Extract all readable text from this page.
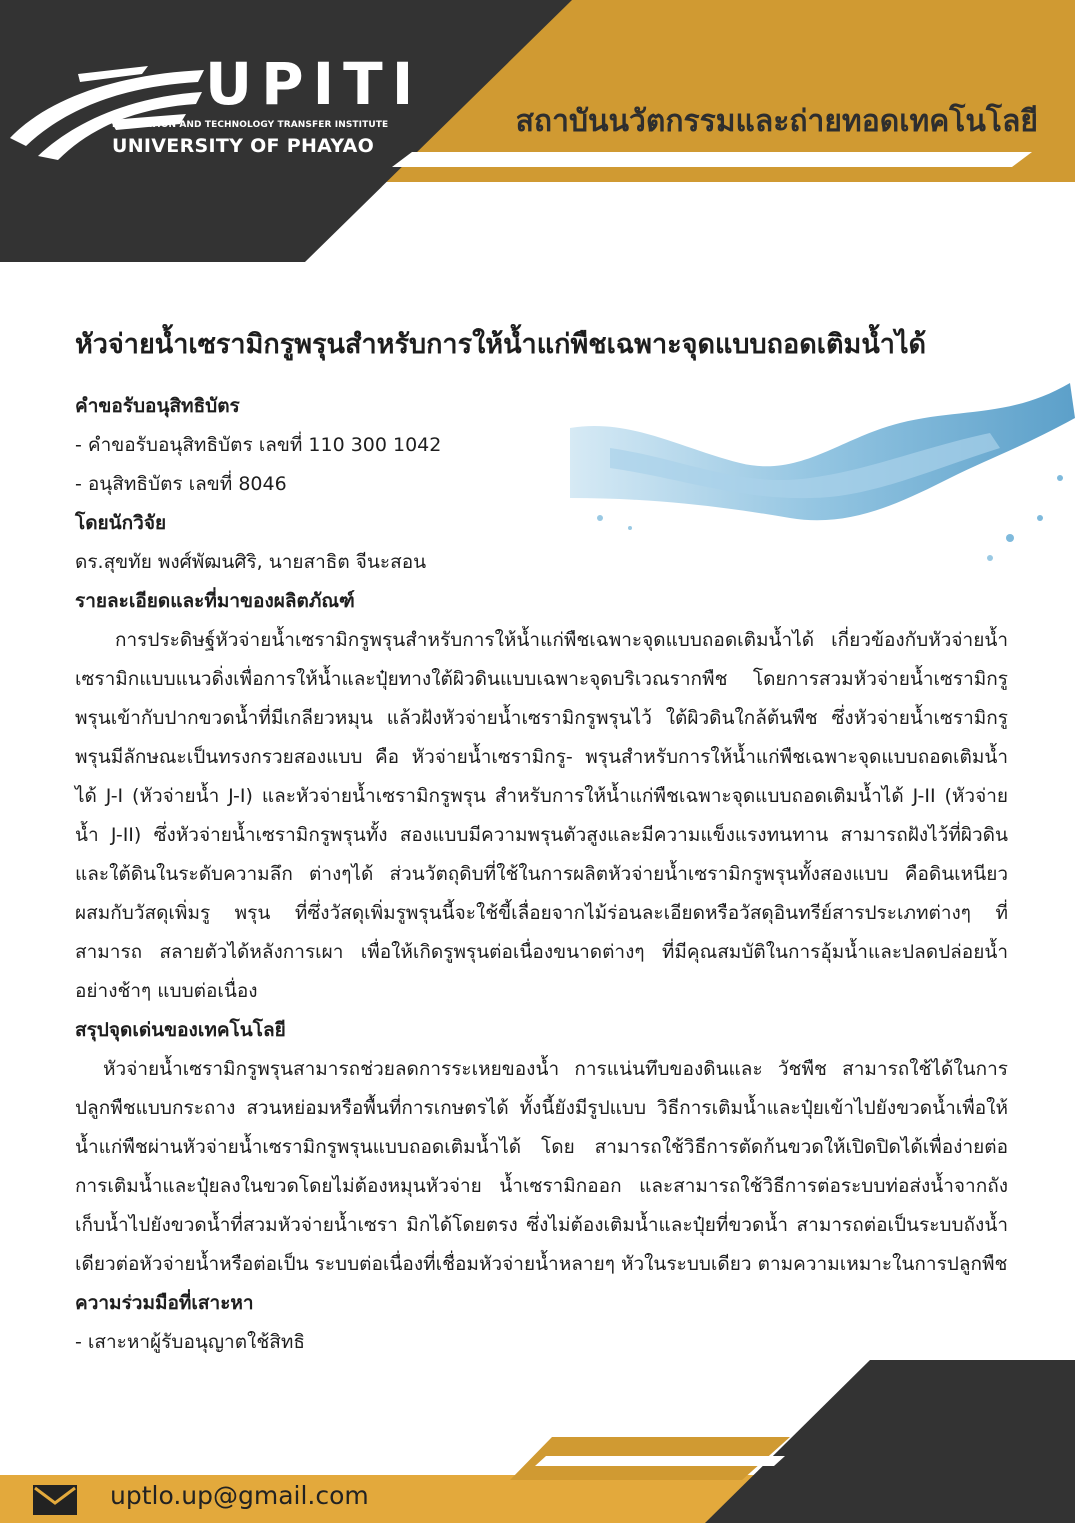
UPITI
INNOVATION AND TECHNOLOGY TRANSFER INSTITUTE
UNIVERSITY OF PHAYAO
สถาบันนวัตกรรมและถ่ายทอดเทคโนโลยี
หัวจ่ายน้ำเซรามิกรูพรุนสำหรับการให้น้ำแก่พืชเฉพาะจุดแบบถอดเติมน้ำได้
คำขอรับอนุสิทธิบัตร
- คำขอรับอนุสิทธิบัตร เลขที่ 110 300 1042
- อนุสิทธิบัตร เลขที่ 8046
โดยนักวิจัย
ดร.สุขทัย พงศ์พัฒนศิริ, นายสาธิต จีนะสอน
รายละเอียดและที่มาของผลิตภัณฑ์
การประดิษฐ์หัวจ่ายน้ำเซรามิกรูพรุนสำหรับการให้น้ำแก่พืชเฉพาะจุดแบบถอดเติมน้ำได้ เกี่ยวข้องกับหัวจ่ายน้ำเซรามิกแบบแนวดิ่งเพื่อการให้น้ำและปุ๋ยทางใต้ผิวดินแบบเฉพาะจุดบริเวณรากพืช โดยการสวมหัวจ่ายน้ำเซรามิกรูพรุนเข้ากับปากขวดน้ำที่มีเกลียวหมุน แล้วฝังหัวจ่ายน้ำเซรามิกรูพรุนไว้ ใต้ผิวดินใกล้ต้นพืช ซึ่งหัวจ่ายน้ำเซรามิกรูพรุนมีลักษณะเป็นทรงกรวยสองแบบ คือ หัวจ่ายน้ำเซรามิกรู- พรุนสำหรับการให้น้ำแก่พืชเฉพาะจุดแบบถอดเติมน้ำได้ J-I (หัวจ่ายน้ำ J-I) และหัวจ่ายน้ำเซรามิกรูพรุน สำหรับการให้น้ำแก่พืชเฉพาะจุดแบบถอดเติมน้ำได้ J-II (หัวจ่ายน้ำ J-II) ซึ่งหัวจ่ายน้ำเซรามิกรูพรุนทั้ง สองแบบมีความพรุนตัวสูงและมีความแข็งแรงทนทาน สามารถฝังไว้ที่ผิวดินและใต้ดินในระดับความลึก ต่างๆได้ ส่วนวัตถุดิบที่ใช้ในการผลิตหัวจ่ายน้ำเซรามิกรูพรุนทั้งสองแบบ คือดินเหนียวผสมกับวัสดุเพิ่มรู พรุน ที่ซึ่งวัสดุเพิ่มรูพรุนนี้จะใช้ขี้เลื่อยจากไม้ร่อนละเอียดหรือวัสดุอินทรีย์สารประเภทต่างๆ ที่สามารถ สลายตัวได้หลังการเผา เพื่อให้เกิดรูพรุนต่อเนื่องขนาดต่างๆ ที่มีคุณสมบัติในการอุ้มน้ำและปลดปล่อยน้ำ อย่างช้าๆ แบบต่อเนื่อง
สรุปจุดเด่นของเทคโนโลยี
หัวจ่ายน้ำเซรามิกรูพรุนสามารถช่วยลดการระเหยของน้ำ การแน่นทึบของดินและ วัชพืช สามารถใช้ได้ในการปลูกพืชแบบกระถาง สวนหย่อมหรือพื้นที่การเกษตรได้ ทั้งนี้ยังมีรูปแบบ วิธีการเติมน้ำและปุ๋ยเข้าไปยังขวดน้ำเพื่อให้น้ำแก่พืชผ่านหัวจ่ายน้ำเซรามิกรูพรุนแบบถอดเติมน้ำได้ โดย สามารถใช้วิธีการตัดก้นขวดให้เปิดปิดได้เพื่อง่ายต่อการเติมน้ำและปุ๋ยลงในขวดโดยไม่ต้องหมุนหัวจ่าย น้ำเซรามิกออก และสามารถใช้วิธีการต่อระบบท่อส่งน้ำจากถังเก็บน้ำไปยังขวดน้ำที่สวมหัวจ่ายน้ำเซรา มิกได้โดยตรง ซึ่งไม่ต้องเติมน้ำและปุ๋ยที่ขวดน้ำ สามารถต่อเป็นระบบถังน้ำเดียวต่อหัวจ่ายน้ำหรือต่อเป็น ระบบต่อเนื่องที่เชื่อมหัวจ่ายน้ำหลายๆ หัวในระบบเดียว ตามความเหมาะในการปลูกพืช
ความร่วมมือที่เสาะหา
- เสาะหาผู้รับอนุญาตใช้สิทธิ
uptlo.up@gmail.com
